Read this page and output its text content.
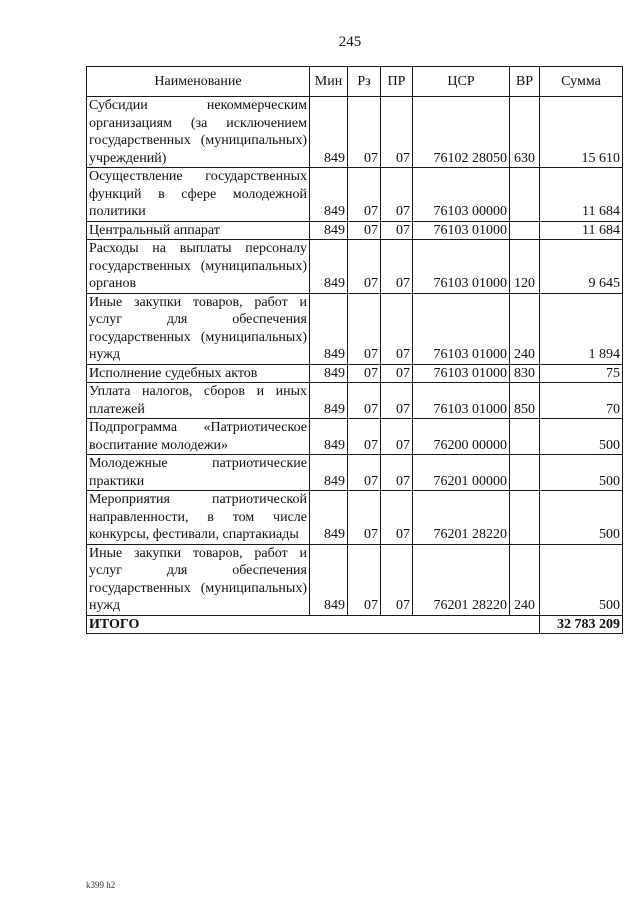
245
Наименование	Мин	Рз	ПР	ЦСР	ВР	Сумма
Субсидии некоммерческим организациям (за исключением государственных (муниципальных) учреждений)	849	07	07	76102 28050	630	15 610
Осуществление государственных функций в сфере молодежной политики	849	07	07	76103 00000		11 684
Центральный аппарат	849	07	07	76103 01000		11 684
Расходы на выплаты персоналу государственных (муниципальных) органов	849	07	07	76103 01000	120	9 645
Иные закупки товаров, работ и услуг для обеспечения государственных (муниципальных) нужд	849	07	07	76103 01000	240	1 894
Исполнение судебных актов	849	07	07	76103 01000	830	75
Уплата налогов, сборов и иных платежей	849	07	07	76103 01000	850	70
Подпрограмма «Патриотическое воспитание молодежи»	849	07	07	76200 00000		500
Молодежные патриотические практики	849	07	07	76201 00000		500
Мероприятия патриотической направленности, в том числе конкурсы, фестивали, спартакиады	849	07	07	76201 28220		500
Иные закупки товаров, работ и услуг для обеспечения государственных (муниципальных) нужд	849	07	07	76201 28220	240	500
ИТОГО						32 783 209
k399 h2
